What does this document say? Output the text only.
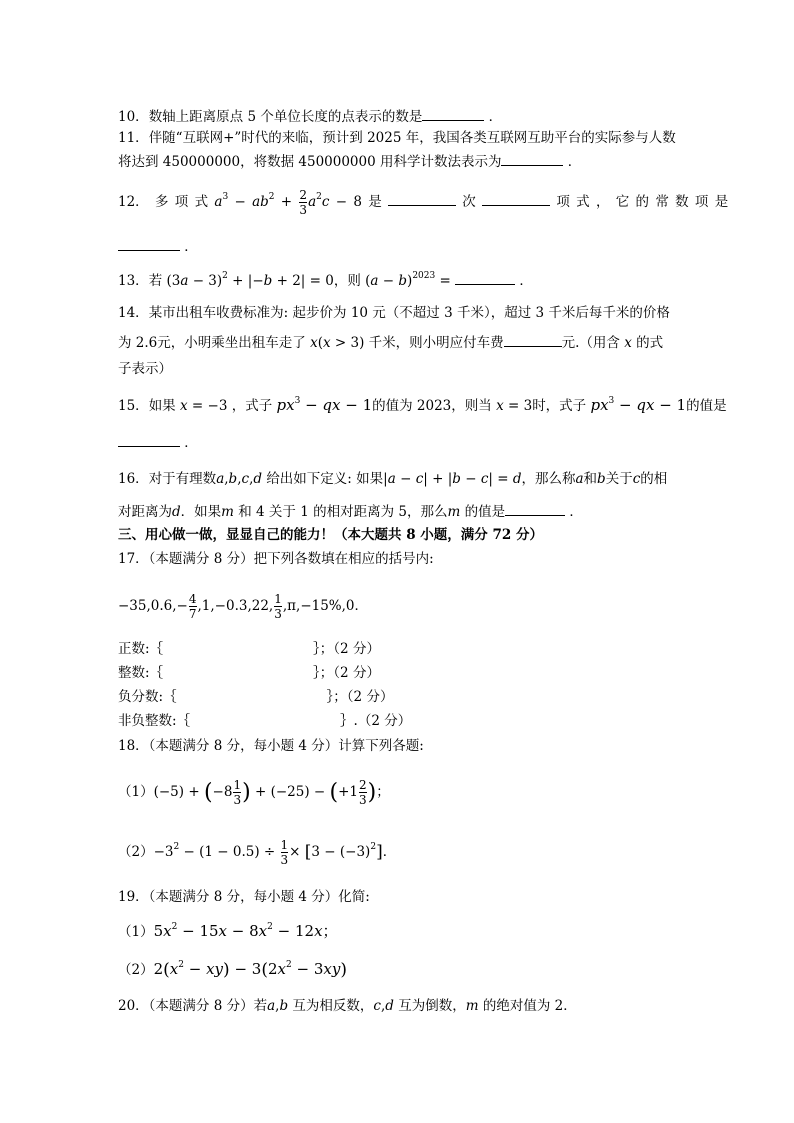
10．数轴上距离原点 5 个单位长度的点表示的数是	．
11．伴随“互联网+”时代的来临，预计到 2025 年，我国各类互联网互助平台的实际参与人数
将达到 450000000，将数据 450000000 用科学计数法表示为	．
12． 多 项 式 $a^3 - ab^2 + \frac{2}{3} a^2c - 8$ 是	次	项 式 ， 它 的 常 数 项 是
．
13．若 $(3a - 3)^2 + |-b + 2| = 0$，则 $(a - b)^{2023}$ =	．
14．某市出租车收费标准为: 起步价为 10 元（不超过 3 千米），超过 3 千米后每千米的价格
为 2.6元，小明乘坐出租车走了 x(x > 3) 千米，则小明应付车费	元.（用含 x 的式
子表示）
15．如果 x = −3 ，式子 $px^3$ − qx − 1的值为 2023，则当 x = 3时，式子 $px^3$ − qx − 1的值是
．
16．对于有理数a,b,c,d 给出如下定义: 如果|a − c| + |b − c| = d，那么称a和b关于c的相
对距离为d．如果m 和 4 关于 1 的相对距离为 5，那么m 的值是	．
三、用心做一做，显显自己的能力！（本大题共 8 小题，满分 72 分）
17．（本题满分 8 分）把下列各数填在相应的括号内:
$-35,0.6,- \frac{4}{7} ,1,-0.3,22$, $\frac{1}{3} ,\pi,-15\%,0$．
正数:｛	｝；（2 分）
整数:｛	｝；（2 分）
负分数:｛	｝；（2 分）
非负整数:｛	｝.（2 分）
18．（本题满分 8 分，每小题 4 分）计算下列各题:
$(1)(-5) + (-8 \frac{1}{3}$ ) + $(-25) - (+1 \frac{2}{3}$ )；
$(2)-3^2 - (1 - 0.5) \div \frac{1}{3} \times [3 - (-3)^2]$．
19．（本题满分 8 分，每小题 4 分）化简:
$(1)5x^2 - 15x - 8x^2 - 12x$；
$(2)2(x^2 - xy) - 3(2x^2 - 3xy)$
20．（本题满分 8 分）若a,b 互为相反数，c,d 互为倒数，m 的绝对值为 2．
